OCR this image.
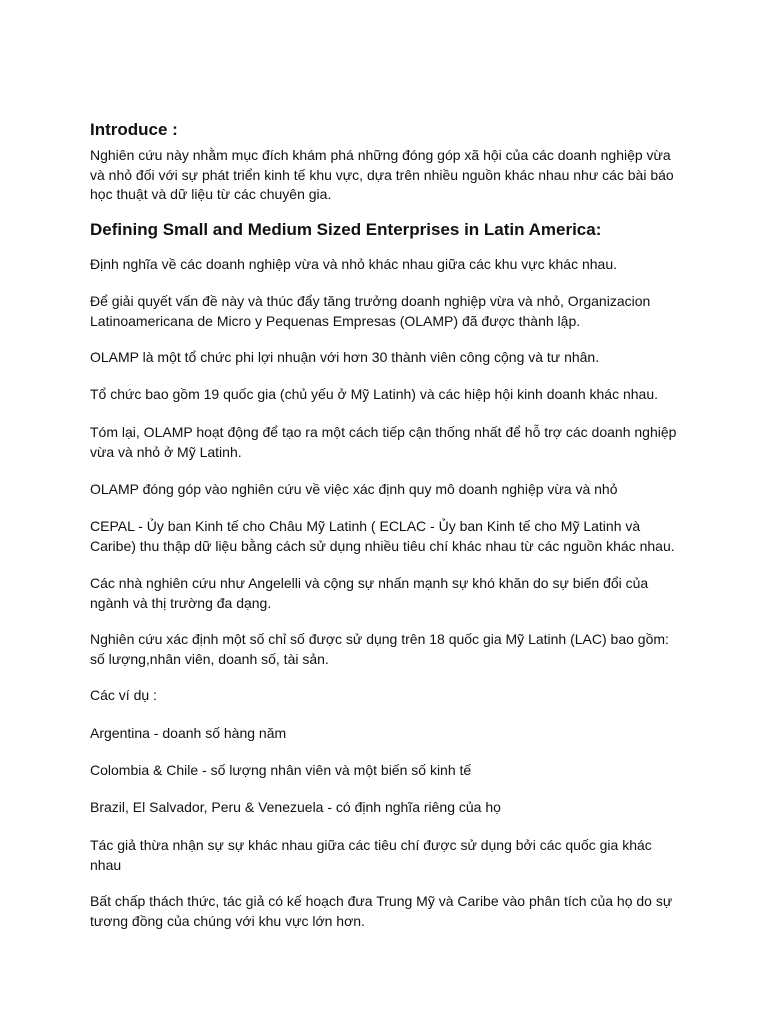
Introduce :

Nghiên cứu này nhằm mục đích khám phá những đóng góp xã hội của các doanh nghiệp vừa và nhỏ đối với sự phát triển kinh tế khu vực, dựa trên nhiều nguồn khác nhau như các bài báo học thuật và dữ liệu từ các chuyên gia.

Defining Small and Medium Sized Enterprises in Latin America:

Định nghĩa về các doanh nghiệp vừa và nhỏ khác nhau giữa các khu vực khác nhau.

Để giải quyết vấn đề này và thúc đẩy tăng trưởng doanh nghiệp vừa và nhỏ, Organizacion Latinoamericana de Micro y Pequenas Empresas (OLAMP) đã được thành lập.

OLAMP là một tổ chức phi lợi nhuận với hơn 30 thành viên công cộng và tư nhân.

Tổ chức bao gồm 19 quốc gia (chủ yếu ở Mỹ Latinh) và các hiệp hội kinh doanh khác nhau.

Tóm lại, OLAMP hoạt động để tạo ra một cách tiếp cận thống nhất để hỗ trợ các doanh nghiệp vừa và nhỏ ở Mỹ Latinh.

OLAMP đóng góp vào nghiên cứu về việc xác định quy mô doanh nghiệp vừa và nhỏ

CEPAL - Ủy ban Kinh tế cho Châu Mỹ Latinh ( ECLAC - Ủy ban Kinh tế cho Mỹ Latinh và Caribe) thu thập dữ liệu bằng cách sử dụng nhiều tiêu chí khác nhau từ các nguồn khác nhau.

Các nhà nghiên cứu như Angelelli và cộng sự nhấn mạnh sự khó khăn do sự biến đổi của ngành và thị trường đa dạng.

Nghiên cứu xác định một số chỉ số được sử dụng trên 18 quốc gia Mỹ Latinh (LAC) bao gồm: số lượng,nhân viên, doanh số, tài sản.

Các ví dụ :

Argentina - doanh số hàng năm

Colombia & Chile - số lượng nhân viên và một biến số kinh tế

Brazil, El Salvador, Peru & Venezuela - có định nghĩa riêng của họ

Tác giả thừa nhận sự sự khác nhau giữa các tiêu chí được sử dụng bởi các quốc gia khác nhau

Bất chấp thách thức, tác giả có kế hoạch đưa Trung Mỹ và Caribe vào phân tích của họ do sự tương đồng của chúng với khu vực lớn hơn.
